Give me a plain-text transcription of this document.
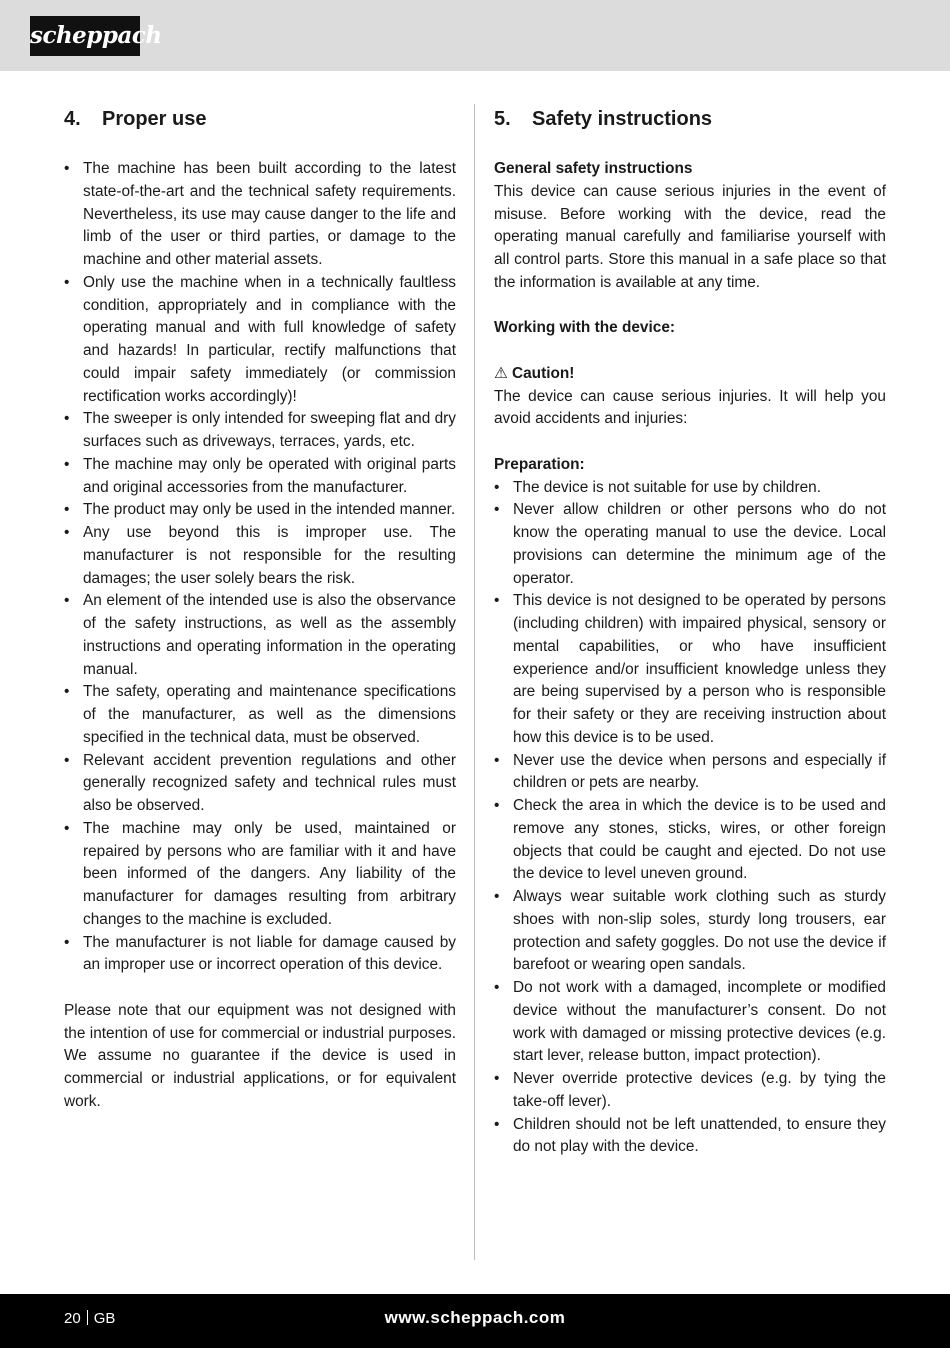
scheppach
4. Proper use
• The machine has been built according to the latest state-of-the-art and the technical safety requirements. Nevertheless, its use may cause danger to the life and limb of the user or third parties, or damage to the machine and other material assets.
• Only use the machine when in a technically faultless condition, appropriately and in compliance with the operating manual and with full knowledge of safety and hazards! In particular, rectify malfunctions that could impair safety immediately (or commission rectification works accordingly)!
• The sweeper is only intended for sweeping flat and dry surfaces such as driveways, terraces, yards, etc.
• The machine may only be operated with original parts and original accessories from the manufacturer.
• The product may only be used in the intended manner.
• Any use beyond this is improper use. The manufacturer is not responsible for the resulting damages; the user solely bears the risk.
• An element of the intended use is also the observance of the safety instructions, as well as the assembly instructions and operating information in the operating manual.
• The safety, operating and maintenance specifications of the manufacturer, as well as the dimensions specified in the technical data, must be observed.
• Relevant accident prevention regulations and other generally recognized safety and technical rules must also be observed.
• The machine may only be used, maintained or repaired by persons who are familiar with it and have been informed of the dangers. Any liability of the manufacturer for damages resulting from arbitrary changes to the machine is excluded.
• The manufacturer is not liable for damage caused by an improper use or incorrect operation of this device.

Please note that our equipment was not designed with the intention of use for commercial or industrial purposes. We assume no guarantee if the device is used in commercial or industrial applications, or for equivalent work.

5. Safety instructions

General safety instructions

This device can cause serious injuries in the event of misuse. Before working with the device, read the operating manual carefully and familiarise yourself with all control parts. Store this manual in a safe place so that the information is available at any time.

Working with the device:

⚠ Caution!

The device can cause serious injuries. It will help you avoid accidents and injuries:

Preparation:

• The device is not suitable for use by children.
• Never allow children or other persons who do not know the operating manual to use the device. Local provisions can determine the minimum age of the operator.
• This device is not designed to be operated by persons (including children) with impaired physical, sensory or mental capabilities, or who have insufficient experience and/or insufficient knowledge unless they are being supervised by a person who is responsible for their safety or they are receiving instruction about how this device is to be used.
• Never use the device when persons and especially if children or pets are nearby.
• Check the area in which the device is to be used and remove any stones, sticks, wires, or other foreign objects that could be caught and ejected. Do not use the device to level uneven ground.
• Always wear suitable work clothing such as sturdy shoes with non-slip soles, sturdy long trousers, ear protection and safety goggles. Do not use the device if barefoot or wearing open sandals.
• Do not work with a damaged, incomplete or modified device without the manufacturer’s consent. Do not work with damaged or missing protective devices (e.g. start lever, release button, impact protection).
• Never override protective devices (e.g. by tying the take-off lever).
• Children should not be left unattended, to ensure they do not play with the device.
20 GB	www.scheppach.com
